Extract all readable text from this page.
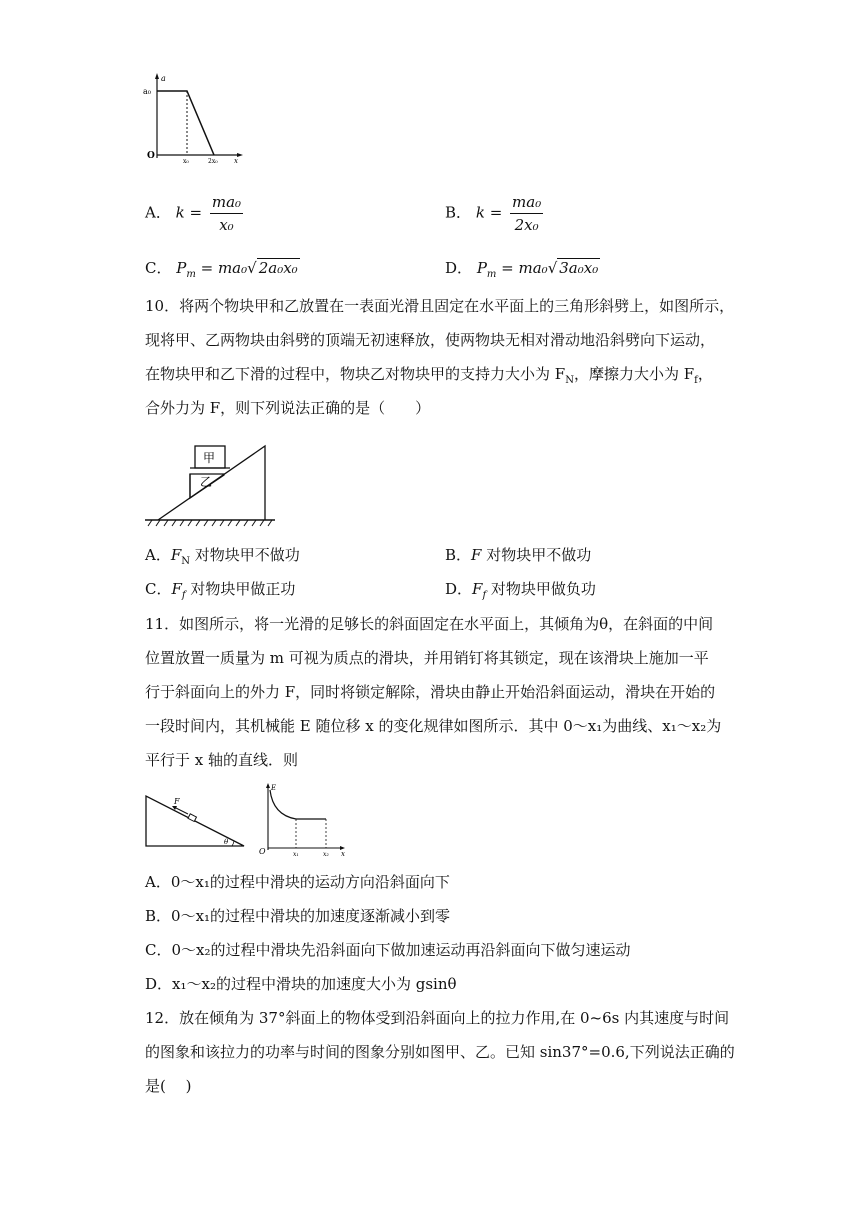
a
a₀
O
x₀	2x₀ x
A． $k = \frac{\text{ma₀}}{\text{x₀}}$	B． $k = \frac{\text{ma₀}}{\text{2x₀}}$
C． $P_m = ma_0√$ 2a₀x₀	D． $P_m = ma_0√$ 3a₀x₀
10．将两个物块甲和乙放置在一表面光滑且固定在水平面上的三角形斜劈上，如图所示，
现将甲、乙两物块由斜劈的顶端无初速释放，使两物块无相对滑动地沿斜劈向下运动，
在物块甲和乙下滑的过程中，物块乙对物块甲的支持力大小为 $F_N$，摩擦力大小为 $F_f$，
合外力为 F，则下列说法正确的是（　　）
甲
乙
A．$F_N$ 对物块甲不做功	B．F 对物块甲不做功
C．$F_f$ 对物块甲做正功	D．$F_f$ 对物块甲做负功
11．如图所示，将一光滑的足够长的斜面固定在水平面上，其倾角为θ，在斜面的中间
位置放置一质量为 m 可视为质点的滑块，并用销钉将其锁定，现在该滑块上施加一平
行于斜面向上的外力 F，同时将锁定解除，滑块由静止开始沿斜面运动，滑块在开始的
一段时间内，其机械能 E 随位移 x 的变化规律如图所示．其中 0～x₁为曲线、x₁～x₂为
平行于 x 轴的直线．则
F
θ
E
O	x₁	x₂ x
A．0～x₁的过程中滑块的运动方向沿斜面向下
B．0～x₁的过程中滑块的加速度逐渐减小到零
C．0～x₂的过程中滑块先沿斜面向下做加速运动再沿斜面向下做匀速运动
D．x₁～x₂的过程中滑块的加速度大小为 gsinθ
12．放在倾角为 37°斜面上的物体受到沿斜面向上的拉力作用,在 0~6s 内其速度与时间
的图象和该拉力的功率与时间的图象分别如图甲、乙。已知 sin37°=0.6,下列说法正确的
是(　 )
